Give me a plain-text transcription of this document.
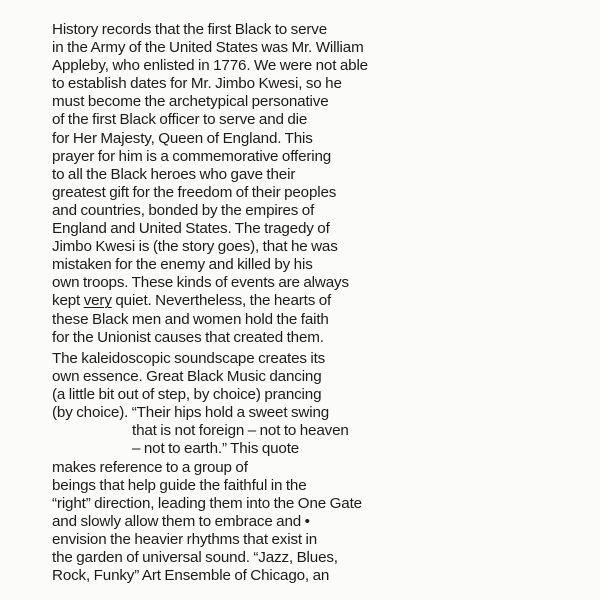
History records that the first Black to serve
in the Army of the United States was Mr. William
Appleby, who enlisted in 1776. We were not able
to establish dates for Mr. Jimbo Kwesi, so he
must become the archetypical personative
of the first Black officer to serve and die
for Her Majesty, Queen of England. This
prayer for him is a commemorative offering
to all the Black heroes who gave their
greatest gift for the freedom of their peoples
and countries, bonded by the empires of
England and United States. The tragedy of
Jimbo Kwesi is (the story goes), that he was
mistaken for the enemy and killed by his
own troops. These kinds of events are always
kept very quiet. Nevertheless, the hearts of
these Black men and women hold the faith
for the Unionist causes that created them.
The kaleidoscopic soundscape creates its
own essence. Great Black Music dancing
(a little bit out of step, by choice) prancing
(by choice). “Their hips hold a sweet swing
that is not foreign – not to heaven
– not to earth.” This quote
makes reference to a group of
beings that help guide the faithful in the
“right” direction, leading them into the One Gate
and slowly allow them to embrace and •
envision the heavier rhythms that exist in
the garden of universal sound. “Jazz, Blues,
Rock, Funky” Art Ensemble of Chicago, an
